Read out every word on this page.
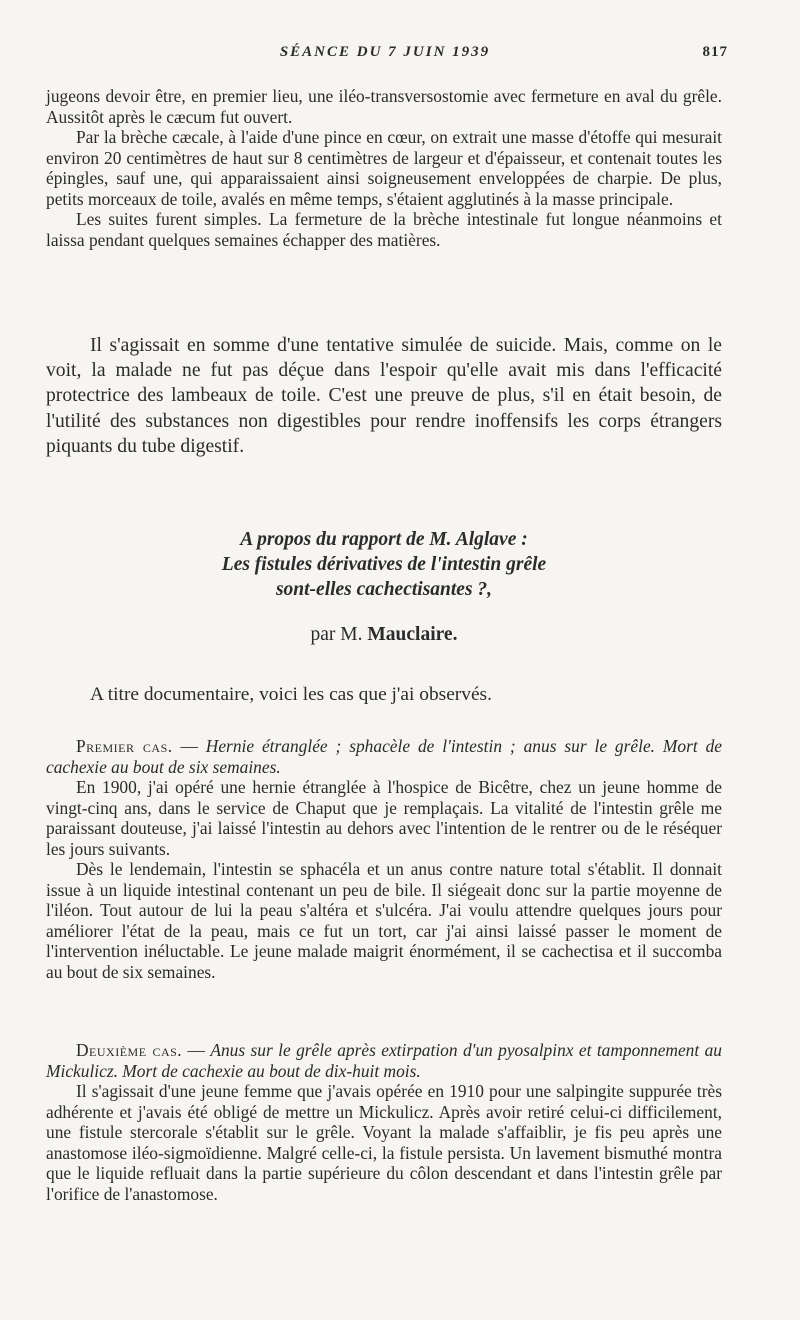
SÉANCE DU 7 JUIN 1939	817

jugeons devoir être, en premier lieu, une iléo-transversostomie avec fermeture en aval du grêle. Aussitôt après le cæcum fut ouvert.

Par la brèche cæcale, à l'aide d'une pince en cœur, on extrait une masse d'étoffe qui mesurait environ 20 centimètres de haut sur 8 centimètres de largeur et d'épaisseur, et contenait toutes les épingles, sauf une, qui apparaissaient ainsi soigneusement enveloppées de charpie. De plus, petits morceaux de toile, avalés en même temps, s'étaient agglutinés à la masse principale.

Les suites furent simples. La fermeture de la brèche intestinale fut longue néanmoins et laissa pendant quelques semaines échapper des matières.

Il s'agissait en somme d'une tentative simulée de suicide. Mais, comme on le voit, la malade ne fut pas déçue dans l'espoir qu'elle avait mis dans l'efficacité protectrice des lambeaux de toile. C'est une preuve de plus, s'il en était besoin, de l'utilité des substances non digestibles pour rendre inoffensifs les corps étrangers piquants du tube digestif.

A propos du rapport de M. Alglave :
Les fistules dérivatives de l'intestin grêle
sont-elles cachectisantes ?,
par M. Mauclaire.
A titre documentaire, voici les cas que j'ai observés.

Premier cas. — Hernie étranglée ; sphacèle de l'intestin ; anus sur le grêle. Mort de cachexie au bout de six semaines.

En 1900, j'ai opéré une hernie étranglée à l'hospice de Bicêtre, chez un jeune homme de vingt-cinq ans, dans le service de Chaput que je remplaçais. La vitalité de l'intestin grêle me paraissant douteuse, j'ai laissé l'intestin au dehors avec l'intention de le rentrer ou de le réséquer les jours suivants.

Dès le lendemain, l'intestin se sphacéla et un anus contre nature total s'établit. Il donnait issue à un liquide intestinal contenant un peu de bile. Il siégeait donc sur la partie moyenne de l'iléon. Tout autour de lui la peau s'altéra et s'ulcéra. J'ai voulu attendre quelques jours pour améliorer l'état de la peau, mais ce fut un tort, car j'ai ainsi laissé passer le moment de l'intervention inéluctable. Le jeune malade maigrit énormément, il se cachectisa et il succomba au bout de six semaines.

Deuxième cas. — Anus sur le grêle après extirpation d'un pyosalpinx et tamponnement au Mickulicz. Mort de cachexie au bout de dix-huit mois.

Il s'agissait d'une jeune femme que j'avais opérée en 1910 pour une salpingite suppurée très adhérente et j'avais été obligé de mettre un Mickulicz. Après avoir retiré celui-ci difficilement, une fistule stercorale s'établit sur le grêle. Voyant la malade s'affaiblir, je fis peu après une anastomose iléo-sigmoïdienne. Malgré celle-ci, la fistule persista. Un lavement bismuthé montra que le liquide refluait dans la partie supérieure du côlon descendant et dans l'intestin grêle par l'orifice de l'anastomose.
